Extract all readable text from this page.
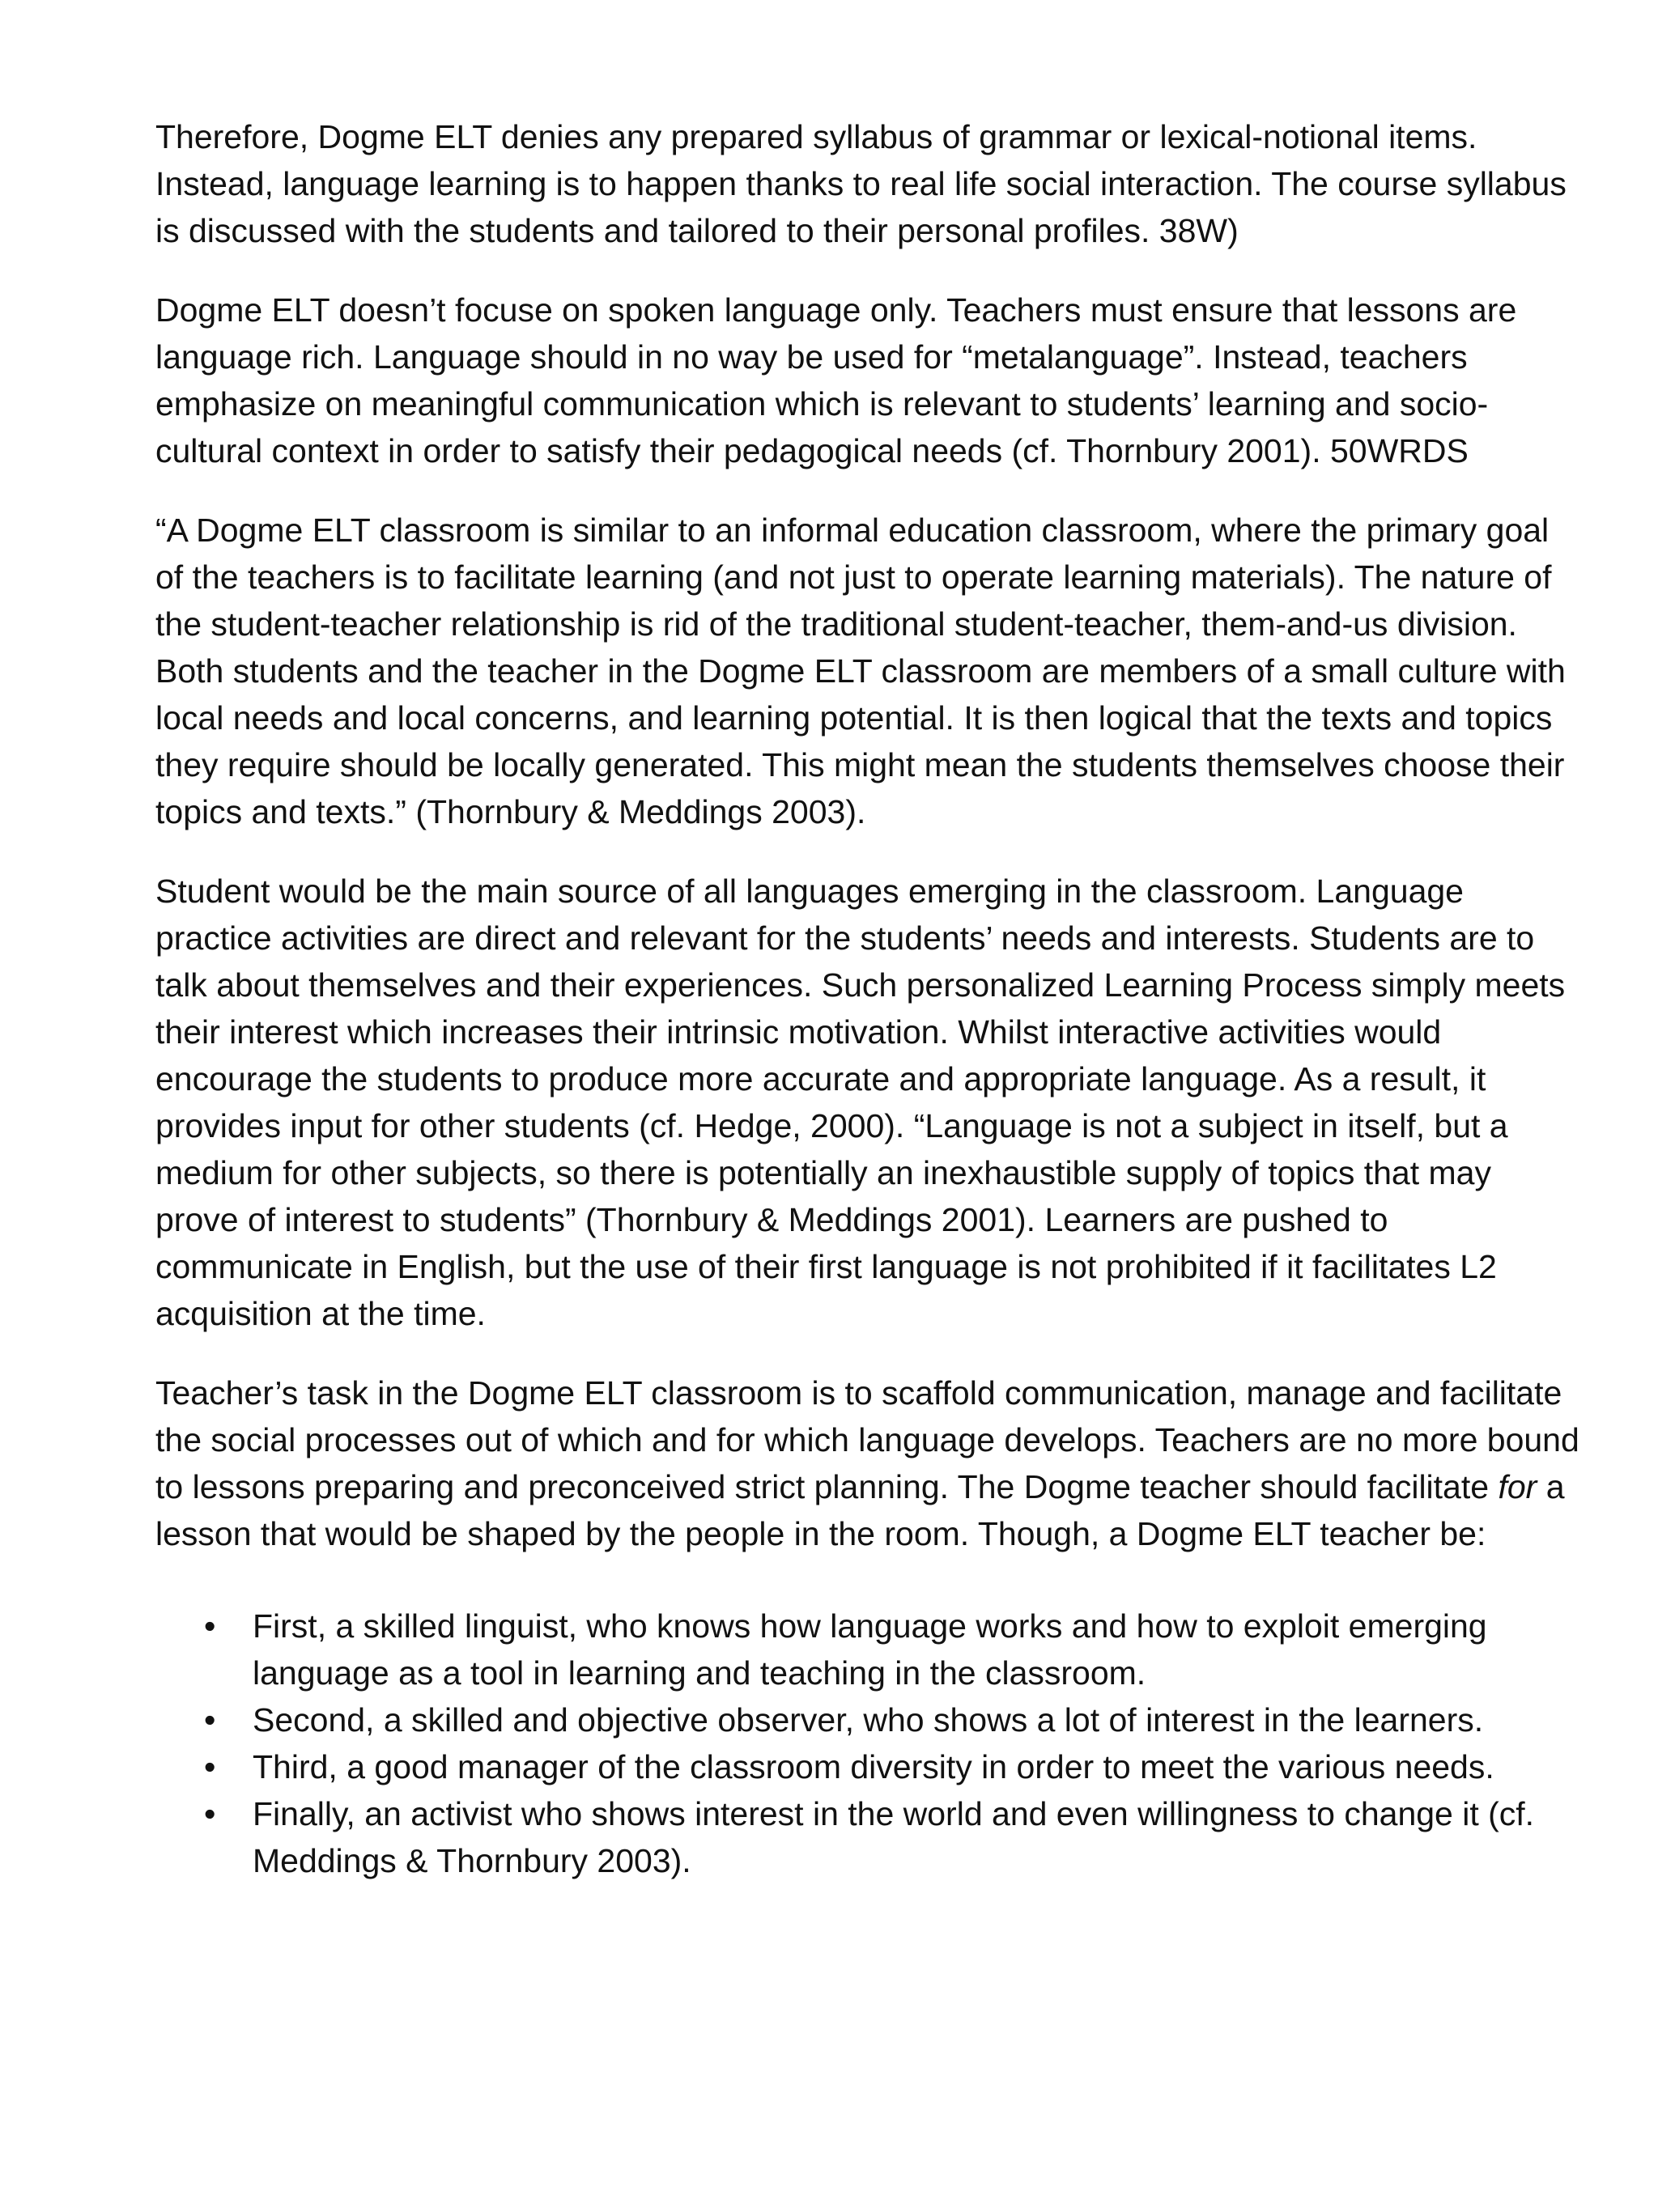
Therefore, Dogme ELT denies any prepared syllabus of grammar or lexical-notional items. Instead, language learning is to happen thanks to real life social interaction. The course syllabus is discussed with the students and tailored to their personal profiles. 38W)

Dogme ELT doesn’t focuse on spoken language only. Teachers must ensure that lessons are language rich. Language should in no way be used for “metalanguage”. Instead, teachers emphasize on meaningful communication which is relevant to students’ learning and socio-cultural context in order to satisfy their pedagogical needs (cf. Thornbury 2001). 50WRDS

“A Dogme ELT classroom is similar to an informal education classroom, where the primary goal of the teachers is to facilitate learning (and not just to operate learning materials). The nature of the student-teacher relationship is rid of the traditional student-teacher, them-and-us division. Both students and the teacher in the Dogme ELT classroom are members of a small culture with local needs and local concerns, and learning potential. It is then logical that the texts and topics they require should be locally generated. This might mean the students themselves choose their topics and texts.” (Thornbury & Meddings 2003).

Student would be the main source of all languages emerging in the classroom. Language practice activities are direct and relevant for the students’ needs and interests. Students are to talk about themselves and their experiences. Such personalized Learning Process simply meets their interest which increases their intrinsic motivation. Whilst interactive activities would encourage the students to produce more accurate and appropriate language. As a result, it provides input for other students (cf. Hedge, 2000). “Language is not a subject in itself, but a medium for other subjects, so there is potentially an inexhaustible supply of topics that may prove of interest to students” (Thornbury & Meddings 2001). Learners are pushed to communicate in English, but the use of their first language is not prohibited if it facilitates L2 acquisition at the time.

Teacher’s task in the Dogme ELT classroom is to scaffold communication, manage and facilitate the social processes out of which and for which language develops. Teachers are no more bound to lessons preparing and preconceived strict planning. The Dogme teacher should facilitate for a lesson that would be shaped by the people in the room. Though, a Dogme ELT teacher be:

• First, a skilled linguist, who knows how language works and how to exploit emerging language as a tool in learning and teaching in the classroom.
• Second, a skilled and objective observer, who shows a lot of interest in the learners.
• Third, a good manager of the classroom diversity in order to meet the various needs.
• Finally, an activist who shows interest in the world and even willingness to change it (cf. Meddings & Thornbury 2003).
